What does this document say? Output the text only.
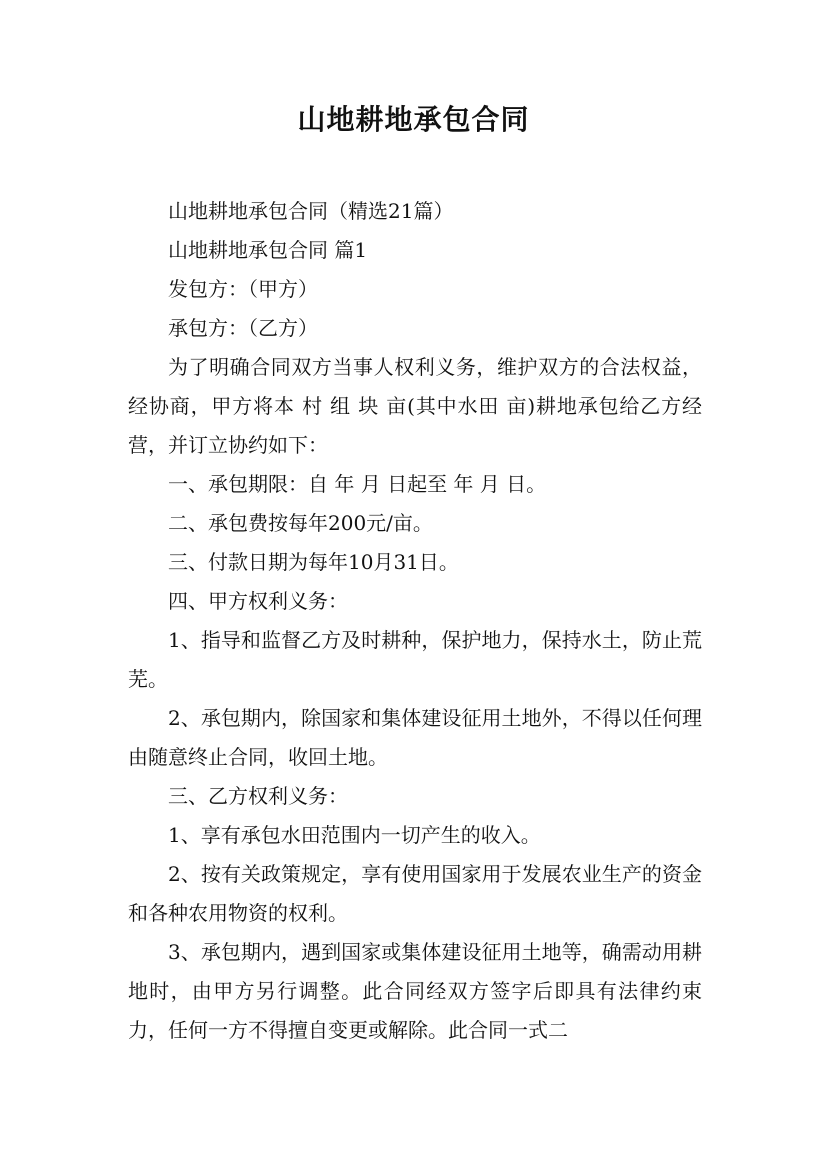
山地耕地承包合同

山地耕地承包合同（精选21篇）

山地耕地承包合同 篇1

发包方：（甲方）

承包方：（乙方）

为了明确合同双方当事人权利义务，维护双方的合法权益，经协商，甲方将本 村 组 块 亩(其中水田 亩)耕地承包给乙方经营，并订立协约如下：

一、承包期限：自 年 月 日起至 年 月 日。

二、承包费按每年200元/亩。

三、付款日期为每年10月31日。

四、甲方权利义务：

1、指导和监督乙方及时耕种，保护地力，保持水土，防止荒芜。

2、承包期内，除国家和集体建设征用土地外，不得以任何理由随意终止合同，收回土地。

三、乙方权利义务：

1、享有承包水田范围内一切产生的收入。

2、按有关政策规定，享有使用国家用于发展农业生产的资金和各种农用物资的权利。

3、承包期内，遇到国家或集体建设征用土地等，确需动用耕地时，由甲方另行调整。此合同经双方签字后即具有法律约束力，任何一方不得擅自变更或解除。此合同一式二
